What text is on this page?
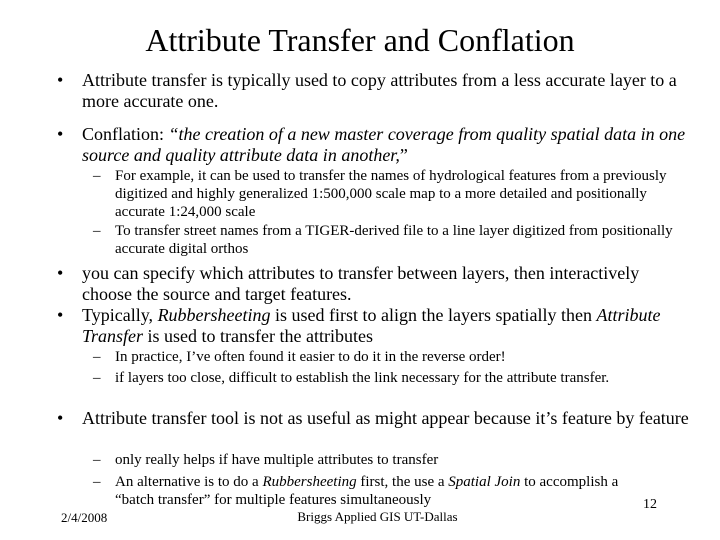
Attribute Transfer and Conflation
• Attribute transfer is typically used to copy attributes from a less accurate layer to a more accurate one.
• Conflation: “the creation of a new master coverage from quality spatial data in one source and quality attribute data in another,”
– For example, it can be used to transfer the names of hydrological features from a previously digitized and highly generalized 1:500,000 scale map to a more detailed and positionally accurate 1:24,000 scale
– To transfer street names from a TIGER-derived file to a line layer digitized from positionally accurate digital orthos
• you can specify which attributes to transfer between layers, then interactively choose the source and target features.
• Typically, Rubbersheeting is used first to align the layers spatially then Attribute Transfer is used to transfer the attributes
– In practice, I’ve often found it easier to do it in the reverse order!
– if layers too close, difficult to establish the link necessary for the attribute transfer.
• Attribute transfer tool is not as useful as might appear because it’s feature by feature
– only really helps if have multiple attributes to transfer
– An alternative is to do a Rubbersheeting first, the use a Spatial Join to accomplish a “batch transfer” for multiple features simultaneously
2/4/2008	Briggs Applied GIS UT-Dallas
12
